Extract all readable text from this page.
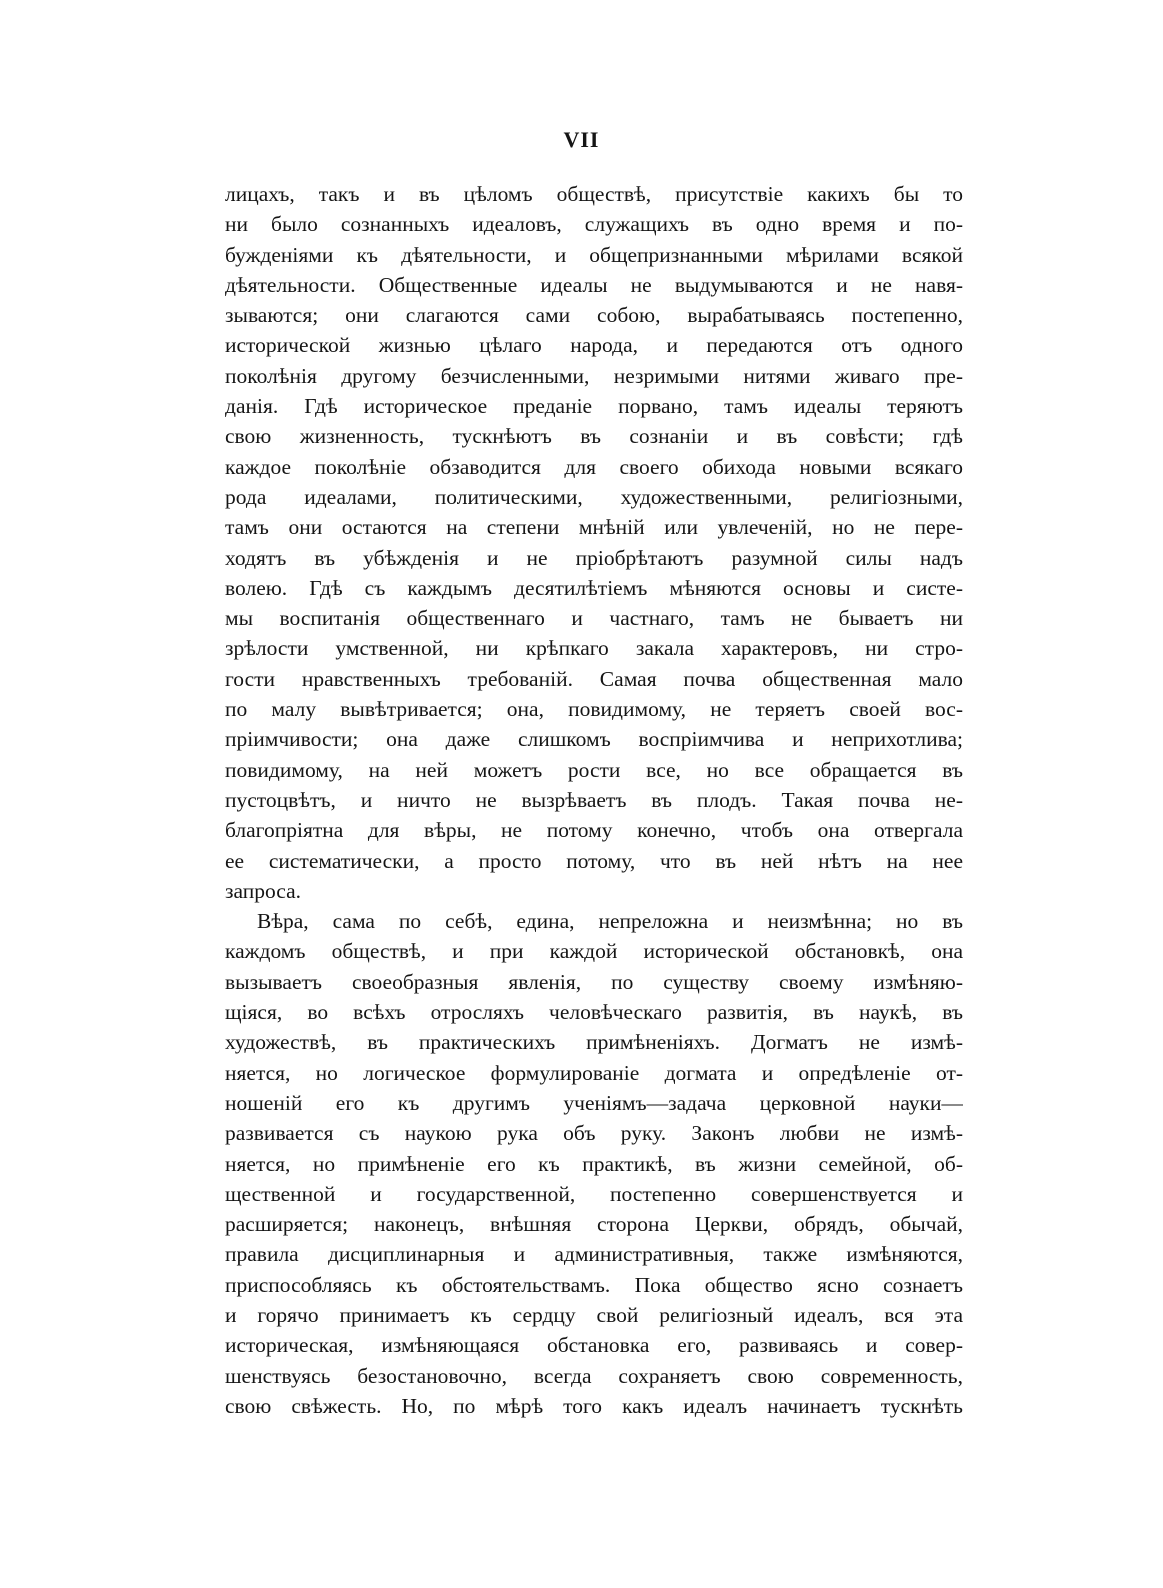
VII
лицахъ, такъ и въ цѣломъ обществѣ, присутствіе какихъ бы то
ни было сознанныхъ идеаловъ, служащихъ въ одно время и по-
бужденіями къ дѣятельности, и общепризнанными мѣрилами всякой
дѣятельности. Общественные идеалы не выдумываются и не навя-
зываются; они слагаются сами собою, вырабатываясь постепенно,
исторической жизнью цѣлаго народа, и передаются отъ одного
поколѣнія другому безчисленными, незримыми нитями живаго пре-
данія. Гдѣ историческое преданіе порвано, тамъ идеалы теряютъ
свою жизненность, тускнѣютъ въ сознаніи и въ совѣсти; гдѣ
каждое поколѣніе обзаводится для своего обихода новыми всякаго
рода идеалами, политическими, художественными, религіозными,
тамъ они остаются на степени мнѣній или увлеченій, но не пере-
ходятъ въ убѣжденія и не пріобрѣтаютъ разумной силы надъ
волею. Гдѣ съ каждымъ десятилѣтіемъ мѣняются основы и систе-
мы воспитанія общественнаго и частнаго, тамъ не бываетъ ни
зрѣлости умственной, ни крѣпкаго закала характеровъ, ни стро-
гости нравственныхъ требованій. Самая почва общественная мало
по малу вывѣтривается; она, повидимому, не теряетъ своей вос-
пріимчивости; она даже слишкомъ воспріимчива и неприхотлива;
повидимому, на ней можетъ рости все, но все обращается въ
пустоцвѣтъ, и ничто не вызрѣваетъ въ плодъ. Такая почва не-
благопріятна для вѣры, не потому конечно, чтобъ она отвергала
ее систематически, а просто потому, что въ ней нѣтъ на нее
запроса.
Вѣра, сама по себѣ, едина, непреложна и неизмѣнна; но въ
каждомъ обществѣ, и при каждой исторической обстановкѣ, она
вызываетъ своеобразныя явленія, по существу своему измѣняю-
щіяся, во всѣхъ отросляхъ человѣческаго развитія, въ наукѣ, въ
художествѣ, въ практическихъ примѣненіяхъ. Догматъ не измѣ-
няется, но логическое формулированіе догмата и опредѣленіе от-
ношеній его къ другимъ ученіямъ—задача церковной науки—
развивается съ наукою рука объ руку. Законъ любви не измѣ-
няется, но примѣненіе его къ практикѣ, въ жизни семейной, об-
щественной и государственной, постепенно совершенствуется и
расширяется; наконецъ, внѣшняя сторона Церкви, обрядъ, обычай,
правила дисциплинарныя и административныя, также измѣняются,
приспособляясь къ обстоятельствамъ. Пока общество ясно сознаетъ
и горячо принимаетъ къ сердцу свой религіозный идеалъ, вся эта
историческая, измѣняющаяся обстановка его, развиваясь и совер-
шенствуясь безостановочно, всегда сохраняетъ свою современность,
свою свѣжесть. Но, по мѣрѣ того какъ идеалъ начинаетъ тускнѣть
